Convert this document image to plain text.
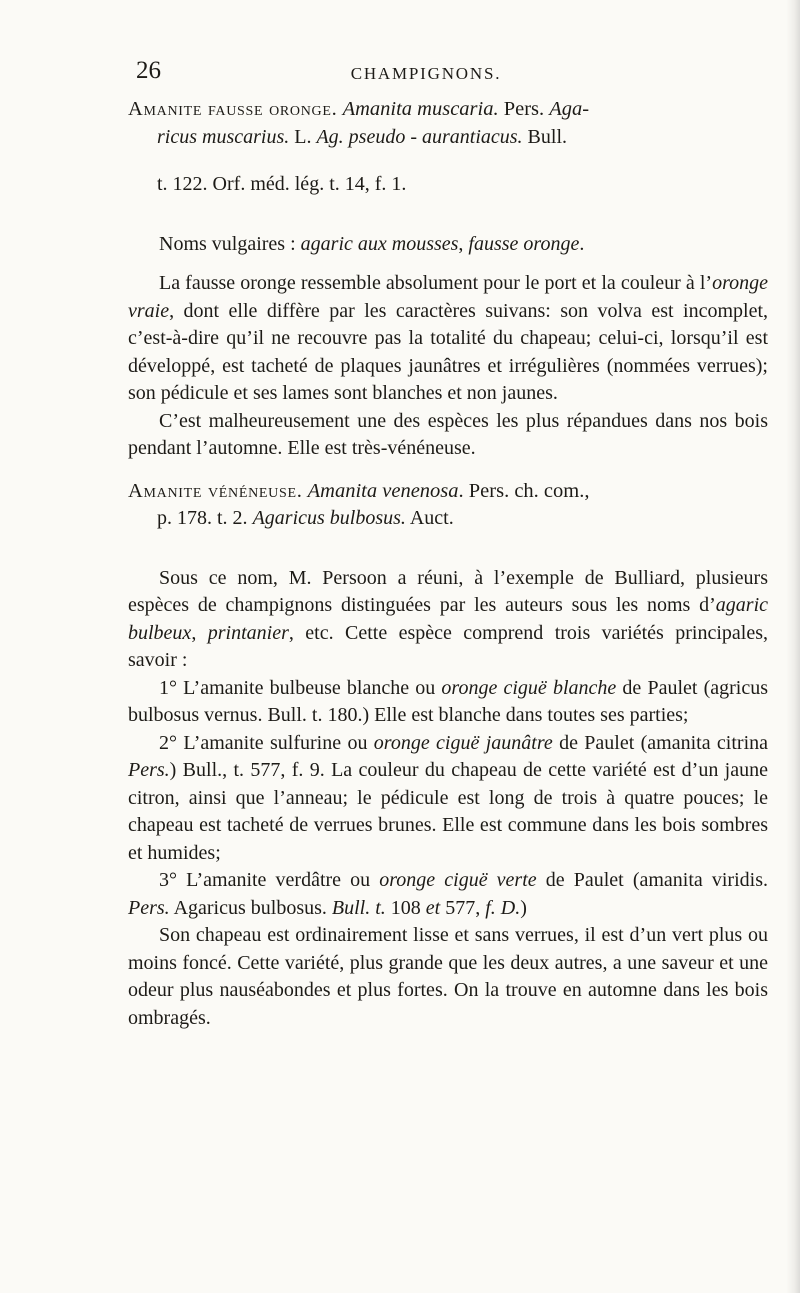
26	CHAMPIGNONS.

Amanite fausse oronge. Amanita muscaria. Pers. Aga-

ricus muscarius. L. Ag. pseudo - aurantiacus. Bull.

t. 122. Orf. méd. lég. t. 14, f. 1.

Noms vulgaires : agaric aux mousses, fausse oronge.

La fausse oronge ressemble absolument pour le port et la couleur à l’oronge vraie, dont elle diffère par les caractères suivans: son volva est incomplet, c’est-à-dire qu’il ne recouvre pas la totalité du chapeau; celui-ci, lorsqu’il est développé, est tacheté de plaques jaunâtres et irrégulières (nommées verrues); son pédicule et ses lames sont blanches et non jaunes.

C’est malheureusement une des espèces les plus répandues dans nos bois pendant l’automne. Elle est très-vénéneuse.

Amanite vénéneuse. Amanita venenosa. Pers. ch. com.,

p. 178. t. 2. Agaricus bulbosus. Auct.

Sous ce nom, M. Persoon a réuni, à l’exemple de Bulliard, plusieurs espèces de champignons distinguées par les auteurs sous les noms d’agaric bulbeux, printanier, etc. Cette espèce comprend trois variétés principales, savoir :

1° L’amanite bulbeuse blanche ou oronge ciguë blanche de Paulet (agricus bulbosus vernus. Bull. t. 180.) Elle est blanche dans toutes ses parties;

2° L’amanite sulfurine ou oronge ciguë jaunâtre de Paulet (amanita citrina Pers.) Bull., t. 577, f. 9. La couleur du chapeau de cette variété est d’un jaune citron, ainsi que l’anneau; le pédicule est long de trois à quatre pouces; le chapeau est tacheté de verrues brunes. Elle est commune dans les bois sombres et humides;

3° L’amanite verdâtre ou oronge ciguë verte de Paulet (amanita viridis. Pers. Agaricus bulbosus. Bull. t. 108 et 577, f. D.)

Son chapeau est ordinairement lisse et sans verrues, il est d’un vert plus ou moins foncé. Cette variété, plus grande que les deux autres, a une saveur et une odeur plus nauséabondes et plus fortes. On la trouve en automne dans les bois ombragés.
